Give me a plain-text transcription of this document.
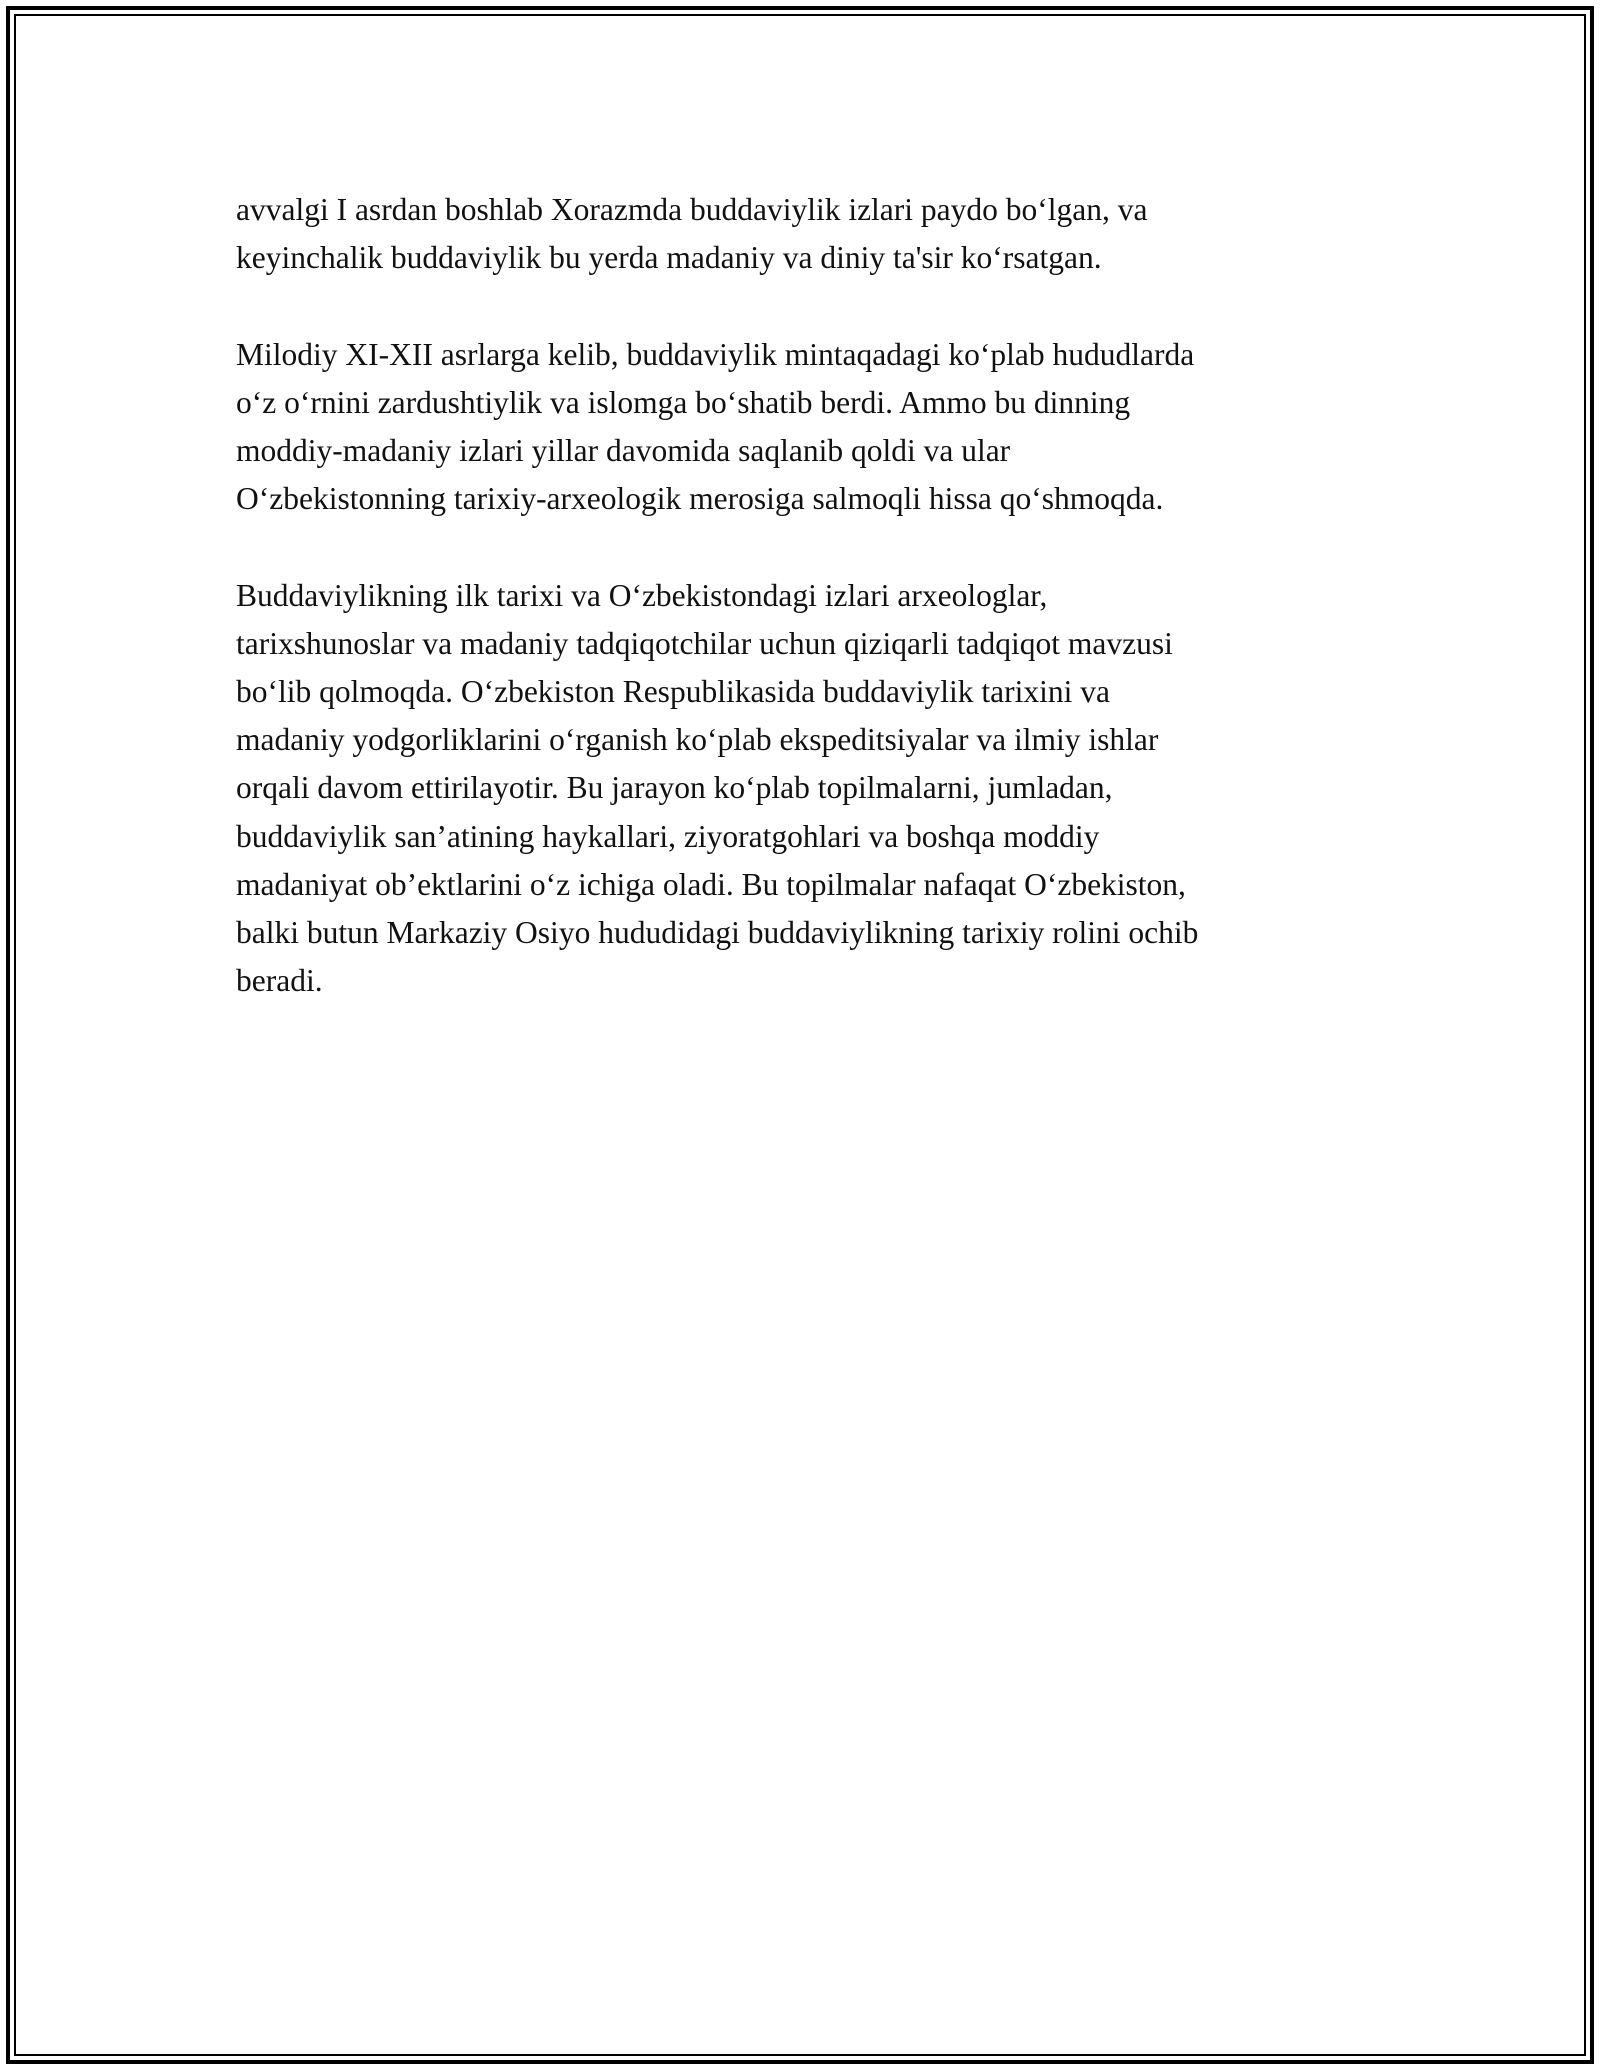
avvalgi I asrdan boshlab Xorazmda buddaviylik izlari paydo bo‘lgan, va
keyinchalik buddaviylik bu yerda madaniy va diniy ta'sir ko‘rsatgan.

Milodiy XI-XII asrlarga kelib, buddaviylik mintaqadagi ko‘plab hududlarda
o‘z o‘rnini zardushtiylik va islomga bo‘shatib berdi. Ammo bu dinning
moddiy-madaniy izlari yillar davomida saqlanib qoldi va ular
O‘zbekistonning tarixiy-arxeologik merosiga salmoqli hissa qo‘shmoqda.

Buddaviylikning ilk tarixi va O‘zbekistondagi izlari arxeologlar,
tarixshunoslar va madaniy tadqiqotchilar uchun qiziqarli tadqiqot mavzusi
bo‘lib qolmoqda. O‘zbekiston Respublikasida buddaviylik tarixini va
madaniy yodgorliklarini o‘rganish ko‘plab ekspeditsiyalar va ilmiy ishlar
orqali davom ettirilayotir. Bu jarayon ko‘plab topilmalarni, jumladan,
buddaviylik san’atining haykallari, ziyoratgohlari va boshqa moddiy
madaniyat ob’ektlarini o‘z ichiga oladi. Bu topilmalar nafaqat O‘zbekiston,
balki butun Markaziy Osiyo hududidagi buddaviylikning tarixiy rolini ochib
beradi.
